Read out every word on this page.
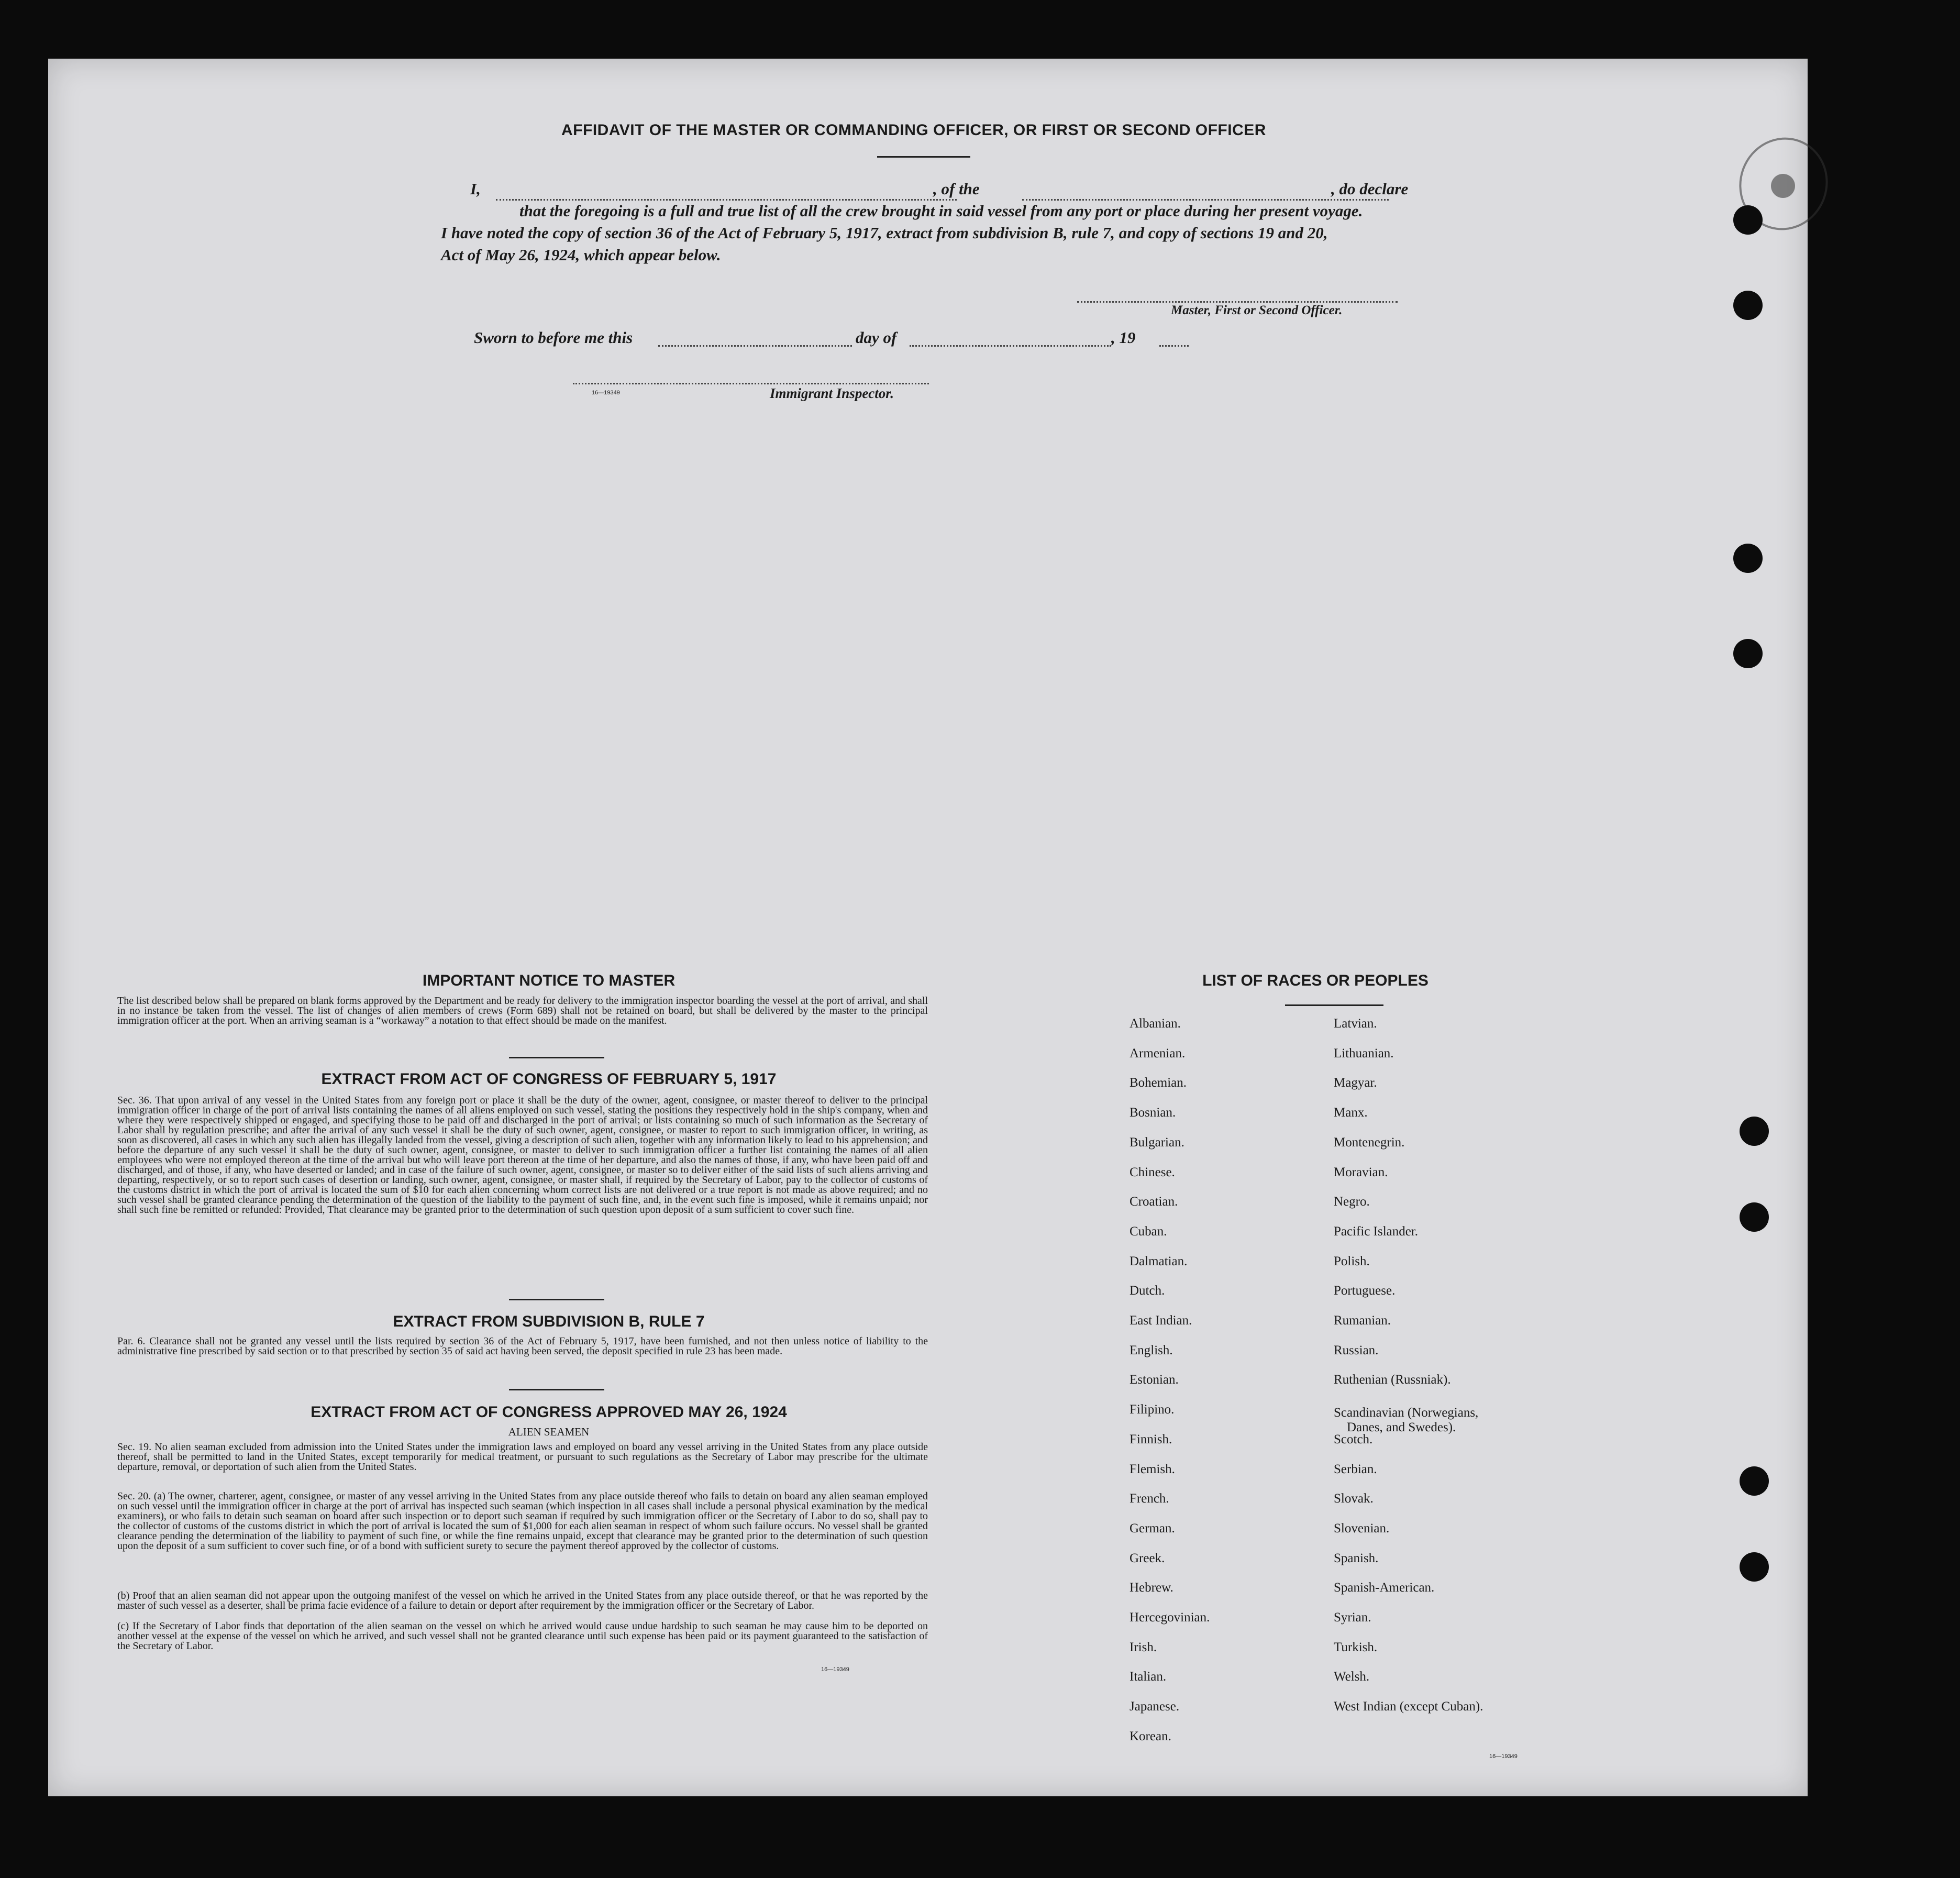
AFFIDAVIT OF THE MASTER OR COMMANDING OFFICER, OR FIRST OR SECOND OFFICER
I,	, of the	, do declare
that the foregoing is a full and true list of all the crew brought in said vessel from any port or place during her present voyage.
I have noted the copy of section 36 of the Act of February 5, 1917, extract from subdivision B, rule 7, and copy of sections 19 and 20,
Act of May 26, 1924, which appear below.
Master, First or Second Officer.
Sworn to before me this	day of	, 19
16—19349	Immigrant Inspector.
IMPORTANT NOTICE TO MASTER
The list described below shall be prepared on blank forms approved by the Department and be ready for delivery to the immigration inspector boarding the vessel at the port of arrival, and shall in no instance be taken from the vessel. The list of changes of alien members of crews (Form 689) shall not be retained on board, but shall be delivered by the master to the principal immigration officer at the port. When an arriving seaman is a “workaway” a notation to that effect should be made on the manifest.
EXTRACT FROM ACT OF CONGRESS OF FEBRUARY 5, 1917
Sec. 36. That upon arrival of any vessel in the United States from any foreign port or place it shall be the duty of the owner, agent, consignee, or master thereof to deliver to the principal immigration officer in charge of the port of arrival lists containing the names of all aliens employed on such vessel, stating the positions they respectively hold in the ship's company, when and where they were respectively shipped or engaged, and specifying those to be paid off and discharged in the port of arrival; or lists containing so much of such information as the Secretary of Labor shall by regulation prescribe; and after the arrival of any such vessel it shall be the duty of such owner, agent, consignee, or master to report to such immigration officer, in writing, as soon as discovered, all cases in which any such alien has illegally landed from the vessel, giving a description of such alien, together with any information likely to lead to his apprehension; and before the departure of any such vessel it shall be the duty of such owner, agent, consignee, or master to deliver to such immigration officer a further list containing the names of all alien employees who were not employed thereon at the time of the arrival but who will leave port thereon at the time of her departure, and also the names of those, if any, who have been paid off and discharged, and of those, if any, who have deserted or landed; and in case of the failure of such owner, agent, consignee, or master so to deliver either of the said lists of such aliens arriving and departing, respectively, or so to report such cases of desertion or landing, such owner, agent, consignee, or master shall, if required by the Secretary of Labor, pay to the collector of customs of the customs district in which the port of arrival is located the sum of $10 for each alien concerning whom correct lists are not delivered or a true report is not made as above required; and no such vessel shall be granted clearance pending the determination of the question of the liability to the payment of such fine, and, in the event such fine is imposed, while it remains unpaid; nor shall such fine be remitted or refunded: Provided, That clearance may be granted prior to the determination of such question upon deposit of a sum sufficient to cover such fine.
EXTRACT FROM SUBDIVISION B, RULE 7
Par. 6. Clearance shall not be granted any vessel until the lists required by section 36 of the Act of February 5, 1917, have been furnished, and not then unless notice of liability to the administrative fine prescribed by said section or to that prescribed by section 35 of said act having been served, the deposit specified in rule 23 has been made.
EXTRACT FROM ACT OF CONGRESS APPROVED MAY 26, 1924
ALIEN SEAMEN
Sec. 19. No alien seaman excluded from admission into the United States under the immigration laws and employed on board any vessel arriving in the United States from any place outside thereof, shall be permitted to land in the United States, except temporarily for medical treatment, or pursuant to such regulations as the Secretary of Labor may prescribe for the ultimate departure, removal, or deportation of such alien from the United States.
Sec. 20. (a) The owner, charterer, agent, consignee, or master of any vessel arriving in the United States from any place outside thereof who fails to detain on board any alien seaman employed on such vessel until the immigration officer in charge at the port of arrival has inspected such seaman (which inspection in all cases shall include a personal physical examination by the medical examiners), or who fails to detain such seaman on board after such inspection or to deport such seaman if required by such immigration officer or the Secretary of Labor to do so, shall pay to the collector of customs of the customs district in which the port of arrival is located the sum of $1,000 for each alien seaman in respect of whom such failure occurs. No vessel shall be granted clearance pending the determination of the liability to payment of such fine, or while the fine remains unpaid, except that clearance may be granted prior to the determination of such question upon the deposit of a sum sufficient to cover such fine, or of a bond with sufficient surety to secure the payment thereof approved by the collector of customs.
(b) Proof that an alien seaman did not appear upon the outgoing manifest of the vessel on which he arrived in the United States from any place outside thereof, or that he was reported by the master of such vessel as a deserter, shall be prima facie evidence of a failure to detain or deport after requirement by the immigration officer or the Secretary of Labor.
(c) If the Secretary of Labor finds that deportation of the alien seaman on the vessel on which he arrived would cause undue hardship to such seaman he may cause him to be deported on another vessel at the expense of the vessel on which he arrived, and such vessel shall not be granted clearance until such expense has been paid or its payment guaranteed to the satisfaction of the Secretary of Labor.
16—19349
LIST OF RACES OR PEOPLES
16—19349
Albanian.
Armenian.
Bohemian.
Bosnian.
Bulgarian.
Chinese.
Croatian.
Cuban.
Dalmatian.
Dutch.
East Indian.
English.
Estonian.
Filipino.
Finnish.
Flemish.
French.
German.
Greek.
Hebrew.
Hercegovinian.
Irish.
Italian.
Japanese.
Korean.
Latvian.
Lithuanian.
Magyar.
Manx.
Montenegrin.
Moravian.
Negro.
Pacific Islander.
Polish.
Portuguese.
Rumanian.
Russian.
Ruthenian (Russniak).
Scandinavian (Norwegians,
Danes, and Swedes).
Scotch.
Serbian.
Slovak.
Slovenian.
Spanish.
Spanish-American.
Syrian.
Turkish.
Welsh.
West Indian (except Cuban).
